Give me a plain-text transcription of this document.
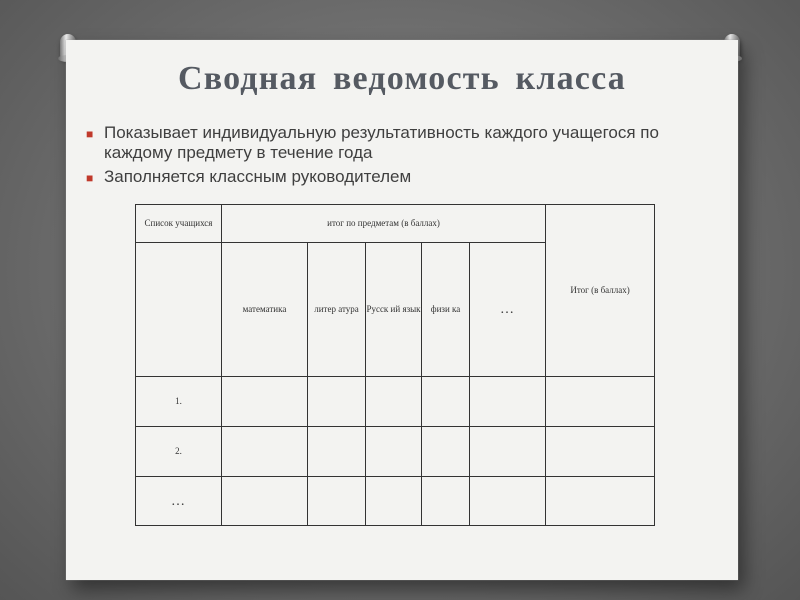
Сводная ведомость класса
■ Показывает индивидуальную результативность каждого учащегося по каждому предмету в течение года
■ Заполняется классным руководителем
Список учащихся	итог по предметам (в баллах)					Итог (в баллах)
	математика	литер атура	Русск ий язык	физи ка	…	
1.						
2.						
…						
